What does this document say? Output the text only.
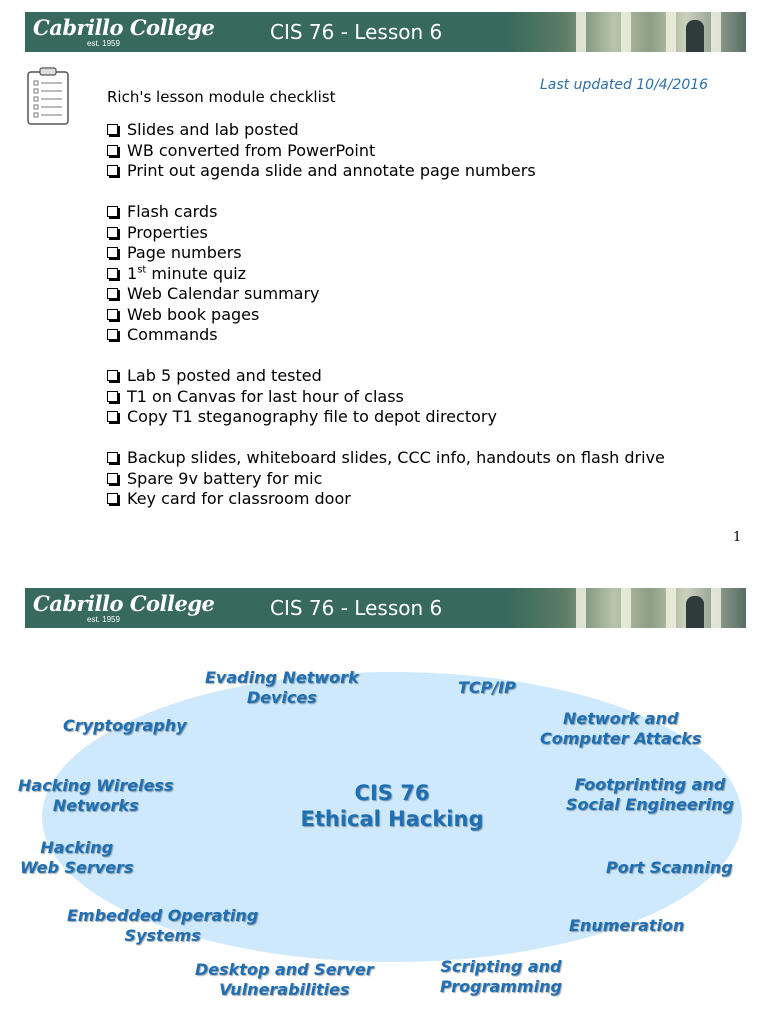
Cabrillo College
est. 1959	CIS 76 - Lesson 6
Last updated 10/4/2016
Rich's lesson module checklist
Slides and lab posted
WB converted from PowerPoint
Print out agenda slide and annotate page numbers
Flash cards
Properties
Page numbers
1st minute quiz
Web Calendar summary
Web book pages
Commands
Lab 5 posted and tested
T1 on Canvas for last hour of class
Copy T1 steganography file to depot directory
Backup slides, whiteboard slides, CCC info, handouts on flash drive
Spare 9v battery for mic
Key card for classroom door
1
Cabrillo College
est. 1959	CIS 76 - Lesson 6
CIS 76
Ethical Hacking
Evading Network
Devices
TCP/IP
Cryptography	Network and
Computer Attacks
Hacking Wireless
Networks
Footprinting and
Social Engineering
Hacking
Web Servers	Port Scanning
Embedded Operating
Systems
Enumeration
Desktop and Server
Vulnerabilities
Scripting and
Programming
